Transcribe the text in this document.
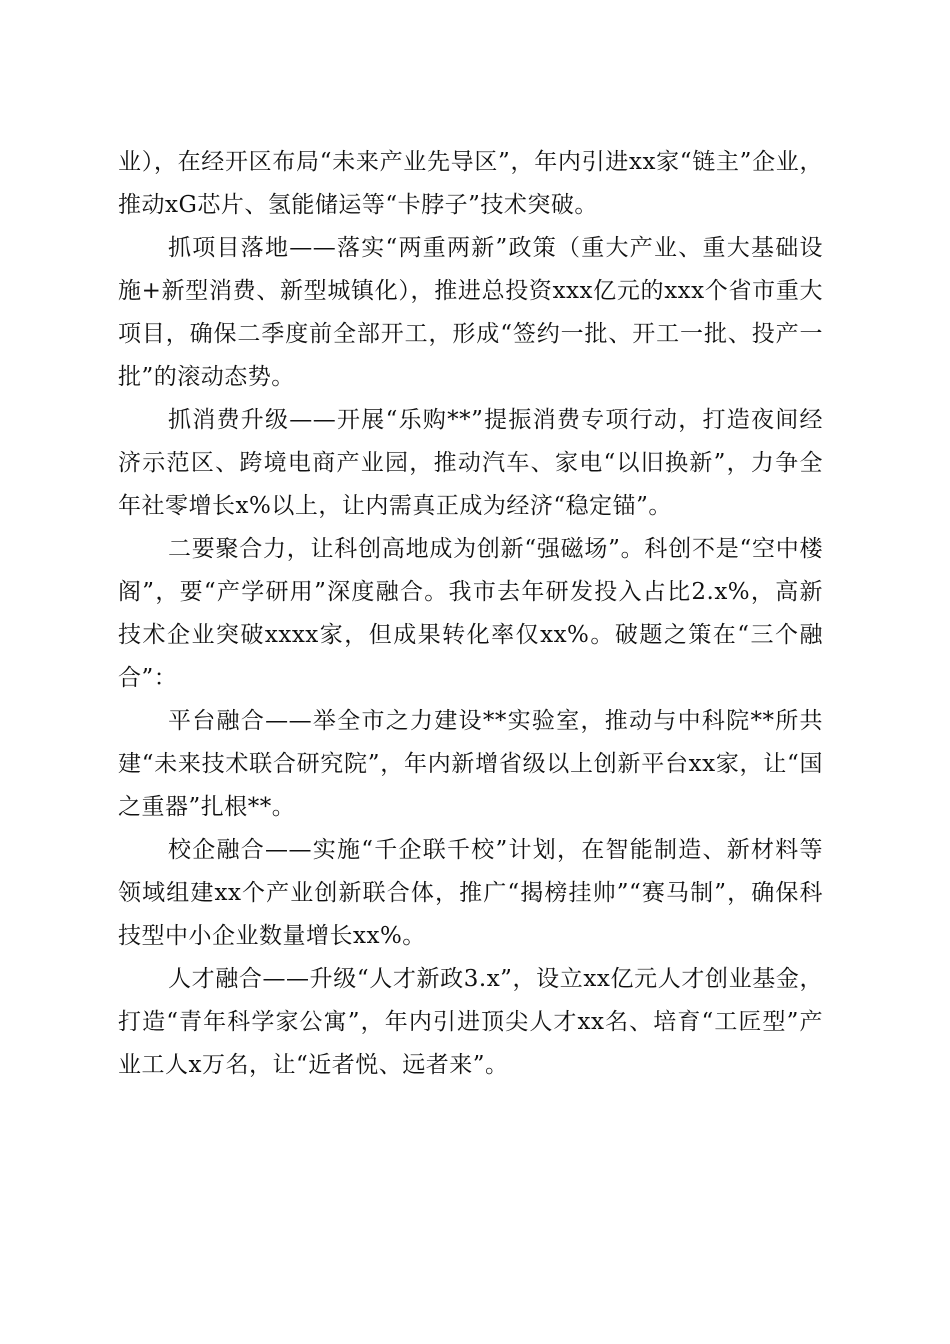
业），在经开区布局“未来产业先导区”，年内引进xx家“链主”企业，推动xG芯片、氢能储运等“卡脖子”技术突破。

抓项目落地——落实“两重两新”政策（重大产业、重大基础设施+新型消费、新型城镇化），推进总投资xxx亿元的xxx个省市重大项目，确保二季度前全部开工，形成“签约一批、开工一批、投产一批”的滚动态势。

抓消费升级——开展“乐购**”提振消费专项行动，打造夜间经济示范区、跨境电商产业园，推动汽车、家电“以旧换新”，力争全年社零增长x%以上，让内需真正成为经济“稳定锚”。

二要聚合力，让科创高地成为创新“强磁场”。科创不是“空中楼阁”，要“产学研用”深度融合。我市去年研发投入占比2.x%，高新技术企业突破xxxx家，但成果转化率仅xx%。破题之策在“三个融合”：

平台融合——举全市之力建设**实验室，推动与中科院**所共建“未来技术联合研究院”，年内新增省级以上创新平台xx家，让“国之重器”扎根**。

校企融合——实施“千企联千校”计划，在智能制造、新材料等领域组建xx个产业创新联合体，推广“揭榜挂帅”“赛马制”，确保科技型中小企业数量增长xx%。

人才融合——升级“人才新政3.x”，设立xx亿元人才创业基金，打造“青年科学家公寓”，年内引进顶尖人才xx名、培育“工匠型”产业工人x万名，让“近者悦、远者来”。
